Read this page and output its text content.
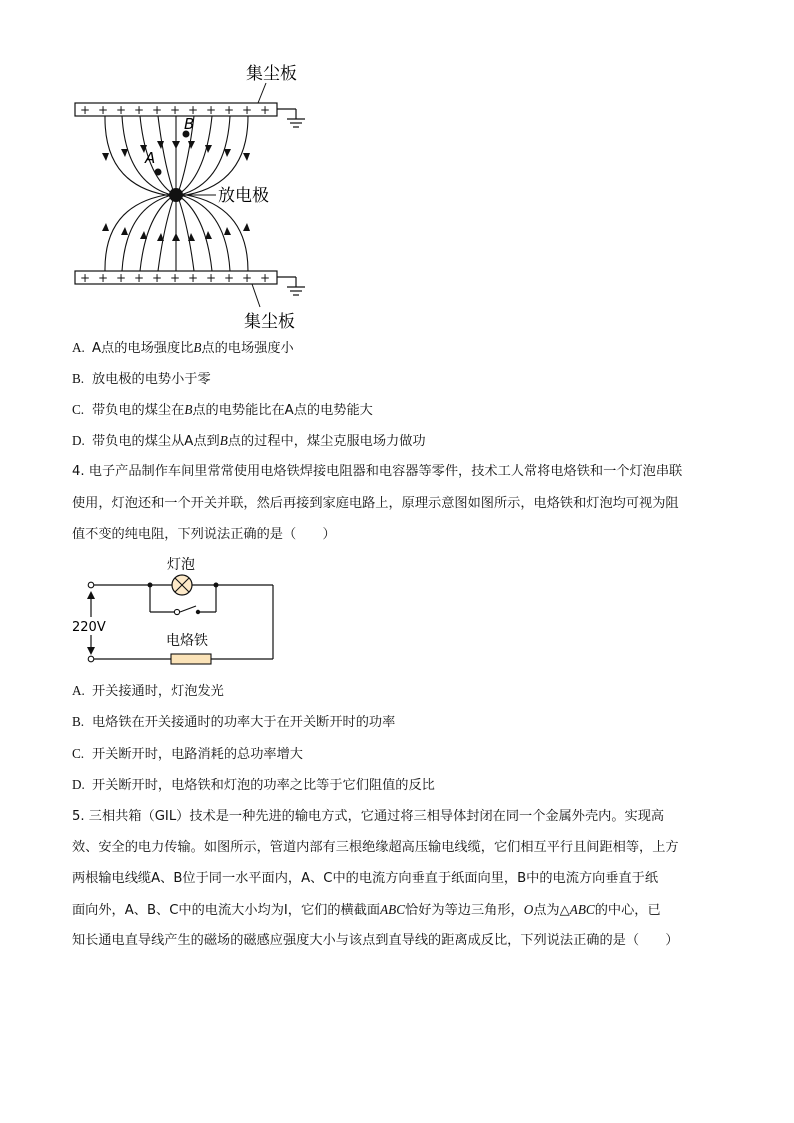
+ + + + + + + + + + +
集尘板
+ + + + + + + + + + +
集尘板
放电极
A
B
A. A点的电场强度比B点的电场强度小
B. 放电极的电势小于零
C. 带负电的煤尘在B点的电势能比在A点的电势能大
D. 带负电的煤尘从A点到B点的过程中，煤尘克服电场力做功
4. 电子产品制作车间里常常使用电烙铁焊接电阻器和电容器等零件，技术工人常将电烙铁和一个灯泡串联
使用，灯泡还和一个开关并联，然后再接到家庭电路上，原理示意图如图所示，电烙铁和灯泡均可视为阻
值不变的纯电阻，下列说法正确的是（　　）
灯泡
220V
电烙铁
A. 开关接通时，灯泡发光
B. 电烙铁在开关接通时的功率大于在开关断开时的功率
C. 开关断开时，电路消耗的总功率增大
D. 开关断开时，电烙铁和灯泡的功率之比等于它们阻值的反比
5. 三相共箱（GIL）技术是一种先进的输电方式，它通过将三相导体封闭在同一个金属外壳内。实现高
效、安全的电力传输。如图所示，管道内部有三根绝缘超高压输电线缆，它们相互平行且间距相等，上方
两根输电线缆A、B位于同一水平面内，A、C中的电流方向垂直于纸面向里，B中的电流方向垂直于纸
面向外，A、B、C中的电流大小均为I，它们的横截面ABC恰好为等边三角形，O点为△ABC的中心，已
知长通电直导线产生的磁场的磁感应强度大小与该点到直导线的距离成反比，下列说法正确的是（　　）
